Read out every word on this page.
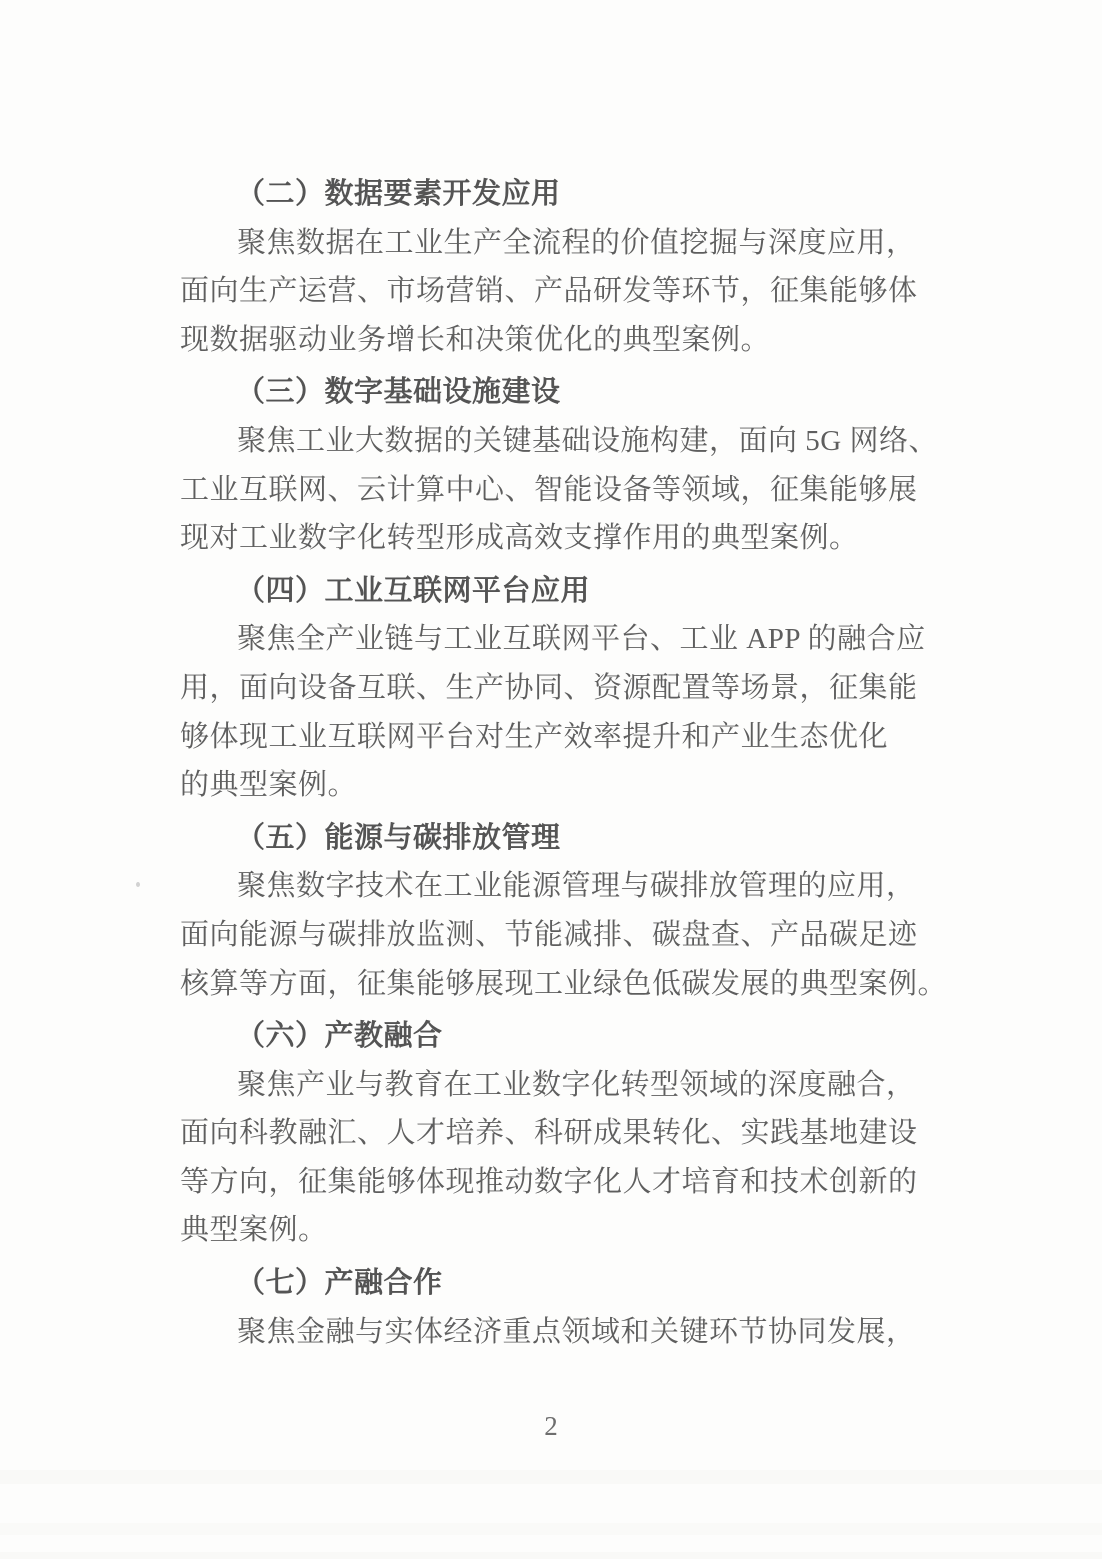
（二）数据要素开发应用
聚焦数据在工业生产全流程的价值挖掘与深度应用，
面向生产运营、市场营销、产品研发等环节，征集能够体
现数据驱动业务增长和决策优化的典型案例。
（三）数字基础设施建设
聚焦工业大数据的关键基础设施构建，面向 5G 网络、
工业互联网、云计算中心、智能设备等领域，征集能够展
现对工业数字化转型形成高效支撑作用的典型案例。
（四）工业互联网平台应用
聚焦全产业链与工业互联网平台、工业 APP 的融合应
用，面向设备互联、生产协同、资源配置等场景，征集能
够体现工业互联网平台对生产效率提升和产业生态优化
的典型案例。
（五）能源与碳排放管理
聚焦数字技术在工业能源管理与碳排放管理的应用，
面向能源与碳排放监测、节能减排、碳盘查、产品碳足迹
核算等方面，征集能够展现工业绿色低碳发展的典型案例。
（六）产教融合
聚焦产业与教育在工业数字化转型领域的深度融合，
面向科教融汇、人才培养、科研成果转化、实践基地建设
等方向，征集能够体现推动数字化人才培育和技术创新的
典型案例。
（七）产融合作
聚焦金融与实体经济重点领域和关键环节协同发展，
2
